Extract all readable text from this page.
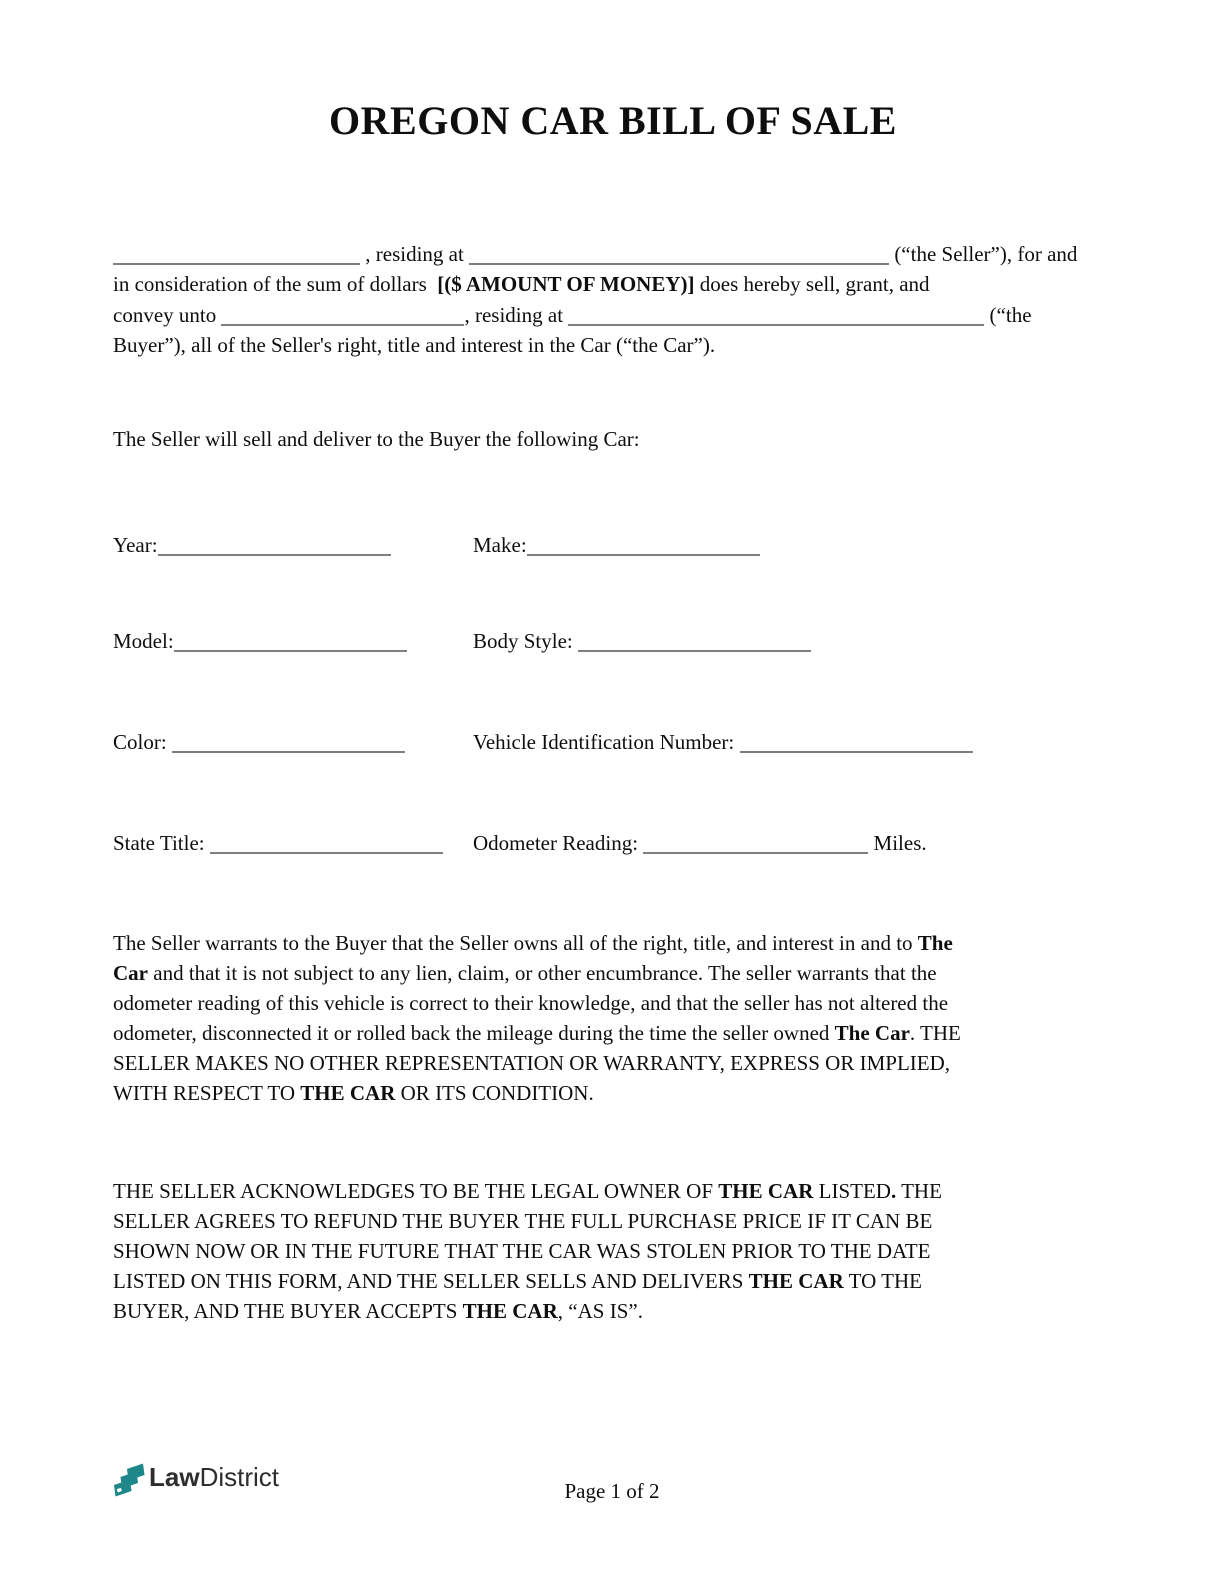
OREGON CAR BILL OF SALE
, residing at	(“the Seller”), for and
in consideration of the sum of dollars  [($ AMOUNT OF MONEY)] does hereby sell, grant, and
convey unto	, residing at	(“the
Buyer”), all of the Seller's right, title and interest in the Car (“the Car”).
The Seller will sell and deliver to the Buyer the following Car:
Year:	Make:
Model:	Body Style:
Color:	Vehicle Identification Number:
State Title:	Odometer Reading:	Miles.
The Seller warrants to the Buyer that the Seller owns all of the right, title, and interest in and to The
Car and that it is not subject to any lien, claim, or other encumbrance. The seller warrants that the
odometer reading of this vehicle is correct to their knowledge, and that the seller has not altered the
odometer, disconnected it or rolled back the mileage during the time the seller owned The Car. THE
SELLER MAKES NO OTHER REPRESENTATION OR WARRANTY, EXPRESS OR IMPLIED,
WITH RESPECT TO THE CAR OR ITS CONDITION.
THE SELLER ACKNOWLEDGES TO BE THE LEGAL OWNER OF THE CAR LISTED. THE
SELLER AGREES TO REFUND THE BUYER THE FULL PURCHASE PRICE IF IT CAN BE
SHOWN NOW OR IN THE FUTURE THAT THE CAR WAS STOLEN PRIOR TO THE DATE
LISTED ON THIS FORM, AND THE SELLER SELLS AND DELIVERS THE CAR TO THE
BUYER, AND THE BUYER ACCEPTS THE CAR, “AS IS”.
LawDistrict	Page 1 of 2
